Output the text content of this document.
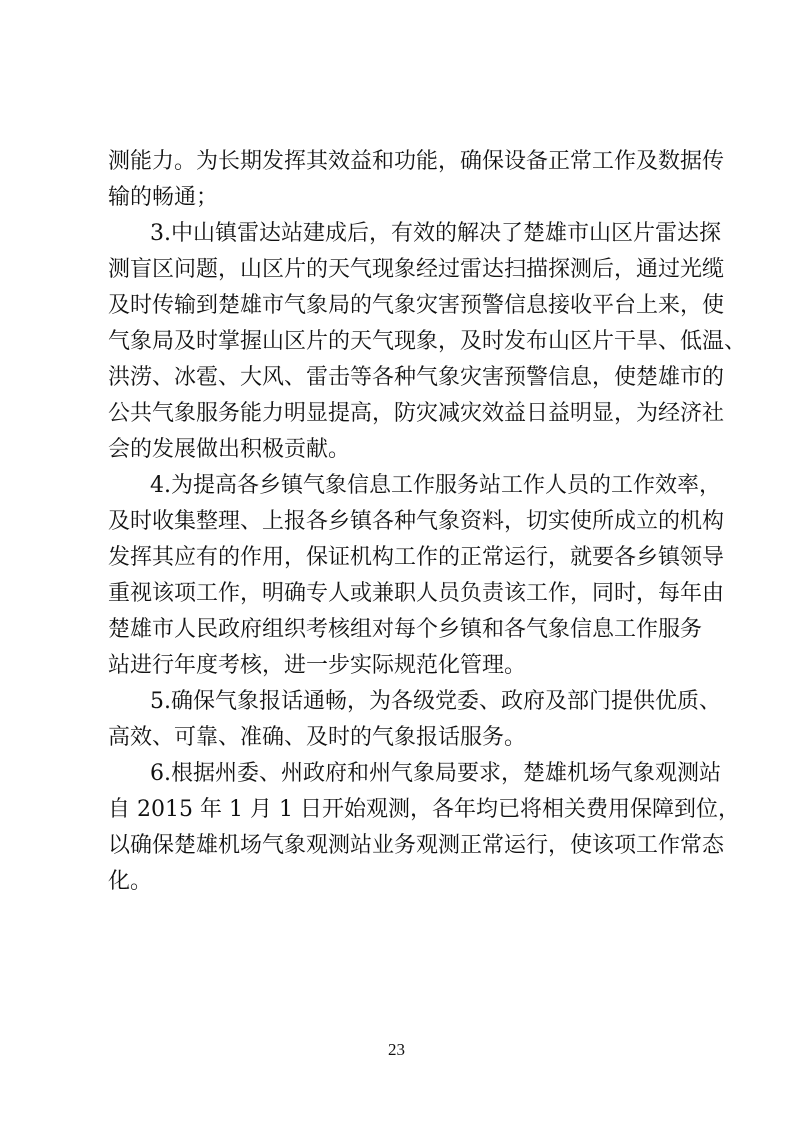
测能力。为长期发挥其效益和功能，确保设备正常工作及数据传
输的畅通；
3.中山镇雷达站建成后，有效的解决了楚雄市山区片雷达探
测盲区问题，山区片的天气现象经过雷达扫描探测后，通过光缆
及时传输到楚雄市气象局的气象灾害预警信息接收平台上来，使
气象局及时掌握山区片的天气现象，及时发布山区片干旱、低温、
洪涝、冰雹、大风、雷击等各种气象灾害预警信息，使楚雄市的
公共气象服务能力明显提高，防灾减灾效益日益明显，为经济社
会的发展做出积极贡献。
4.为提高各乡镇气象信息工作服务站工作人员的工作效率，
及时收集整理、上报各乡镇各种气象资料，切实使所成立的机构
发挥其应有的作用，保证机构工作的正常运行，就要各乡镇领导
重视该项工作，明确专人或兼职人员负责该工作，同时，每年由
楚雄市人民政府组织考核组对每个乡镇和各气象信息工作服务
站进行年度考核，进一步实际规范化管理。
5.确保气象报话通畅，为各级党委、政府及部门提供优质、
高效、可靠、准确、及时的气象报话服务。
6.根据州委、州政府和州气象局要求，楚雄机场气象观测站
自 2015 年 1 月 1 日开始观测，各年均已将相关费用保障到位，
以确保楚雄机场气象观测站业务观测正常运行，使该项工作常态
化。
23
